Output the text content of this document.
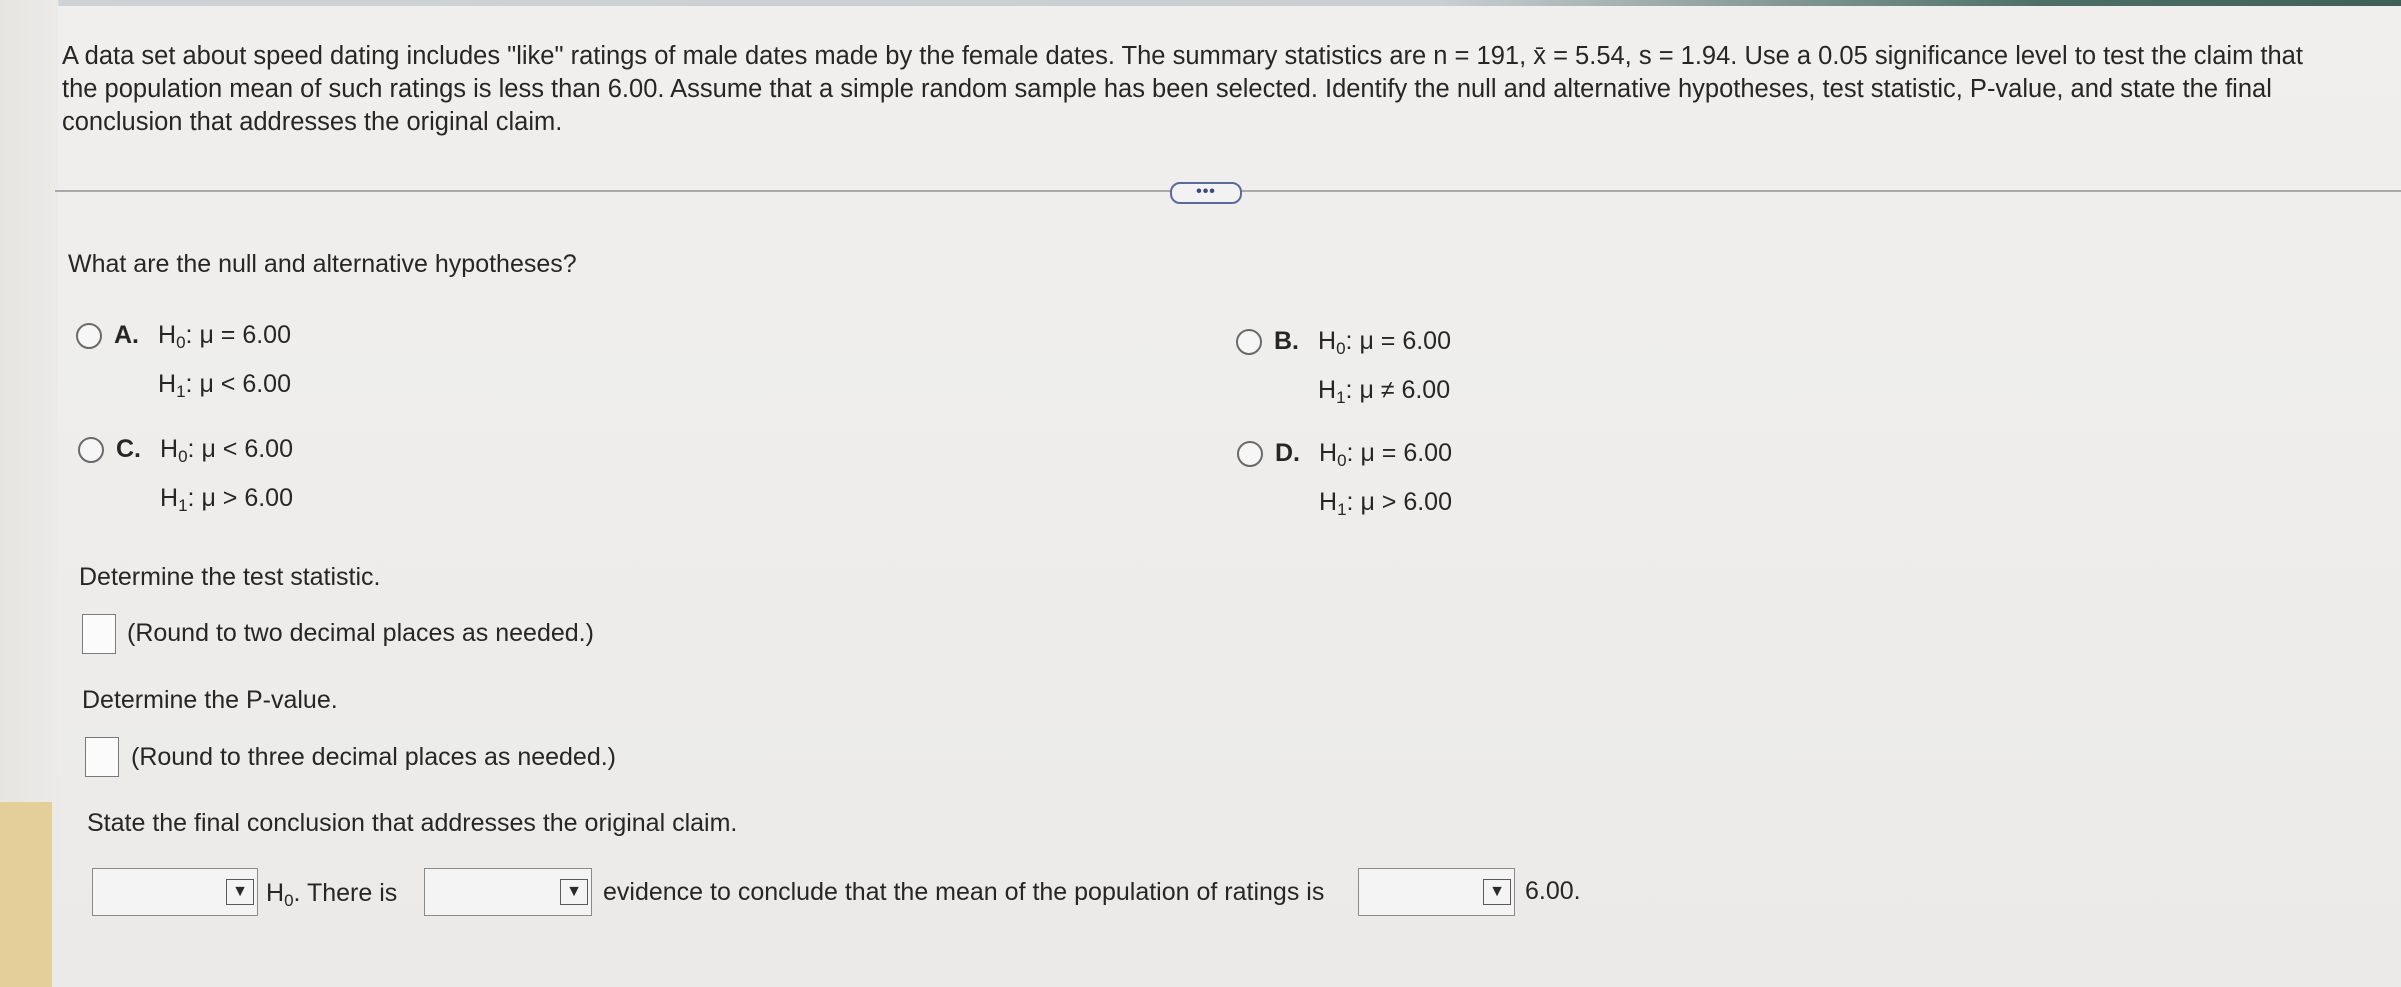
A data set about speed dating includes "like" ratings of male dates made by the female dates. The summary statistics are n = 191, x̄ = 5.54, s = 1.94. Use a 0.05 significance level to test the claim that
the population mean of such ratings is less than 6.00. Assume that a simple random sample has been selected. Identify the null and alternative hypotheses, test statistic, P-value, and state the final
conclusion that addresses the original claim.
•••
What are the null and alternative hypotheses?
A. $H_0$: μ = 6.00
$H_1$: μ < 6.00
B. $H_0$: μ = 6.00
$H_1$: μ ≠ 6.00
C. $H_0$: μ < 6.00
$H_1$: μ > 6.00
D. $H_0$: μ = 6.00
$H_1$: μ > 6.00
Determine the test statistic.
(Round to two decimal places as needed.)
Determine the P-value.
(Round to three decimal places as needed.)
State the final conclusion that addresses the original claim.
▼ $H_0$. There is	▼ evidence to conclude that the mean of the population of ratings is	▼ 6.00.
